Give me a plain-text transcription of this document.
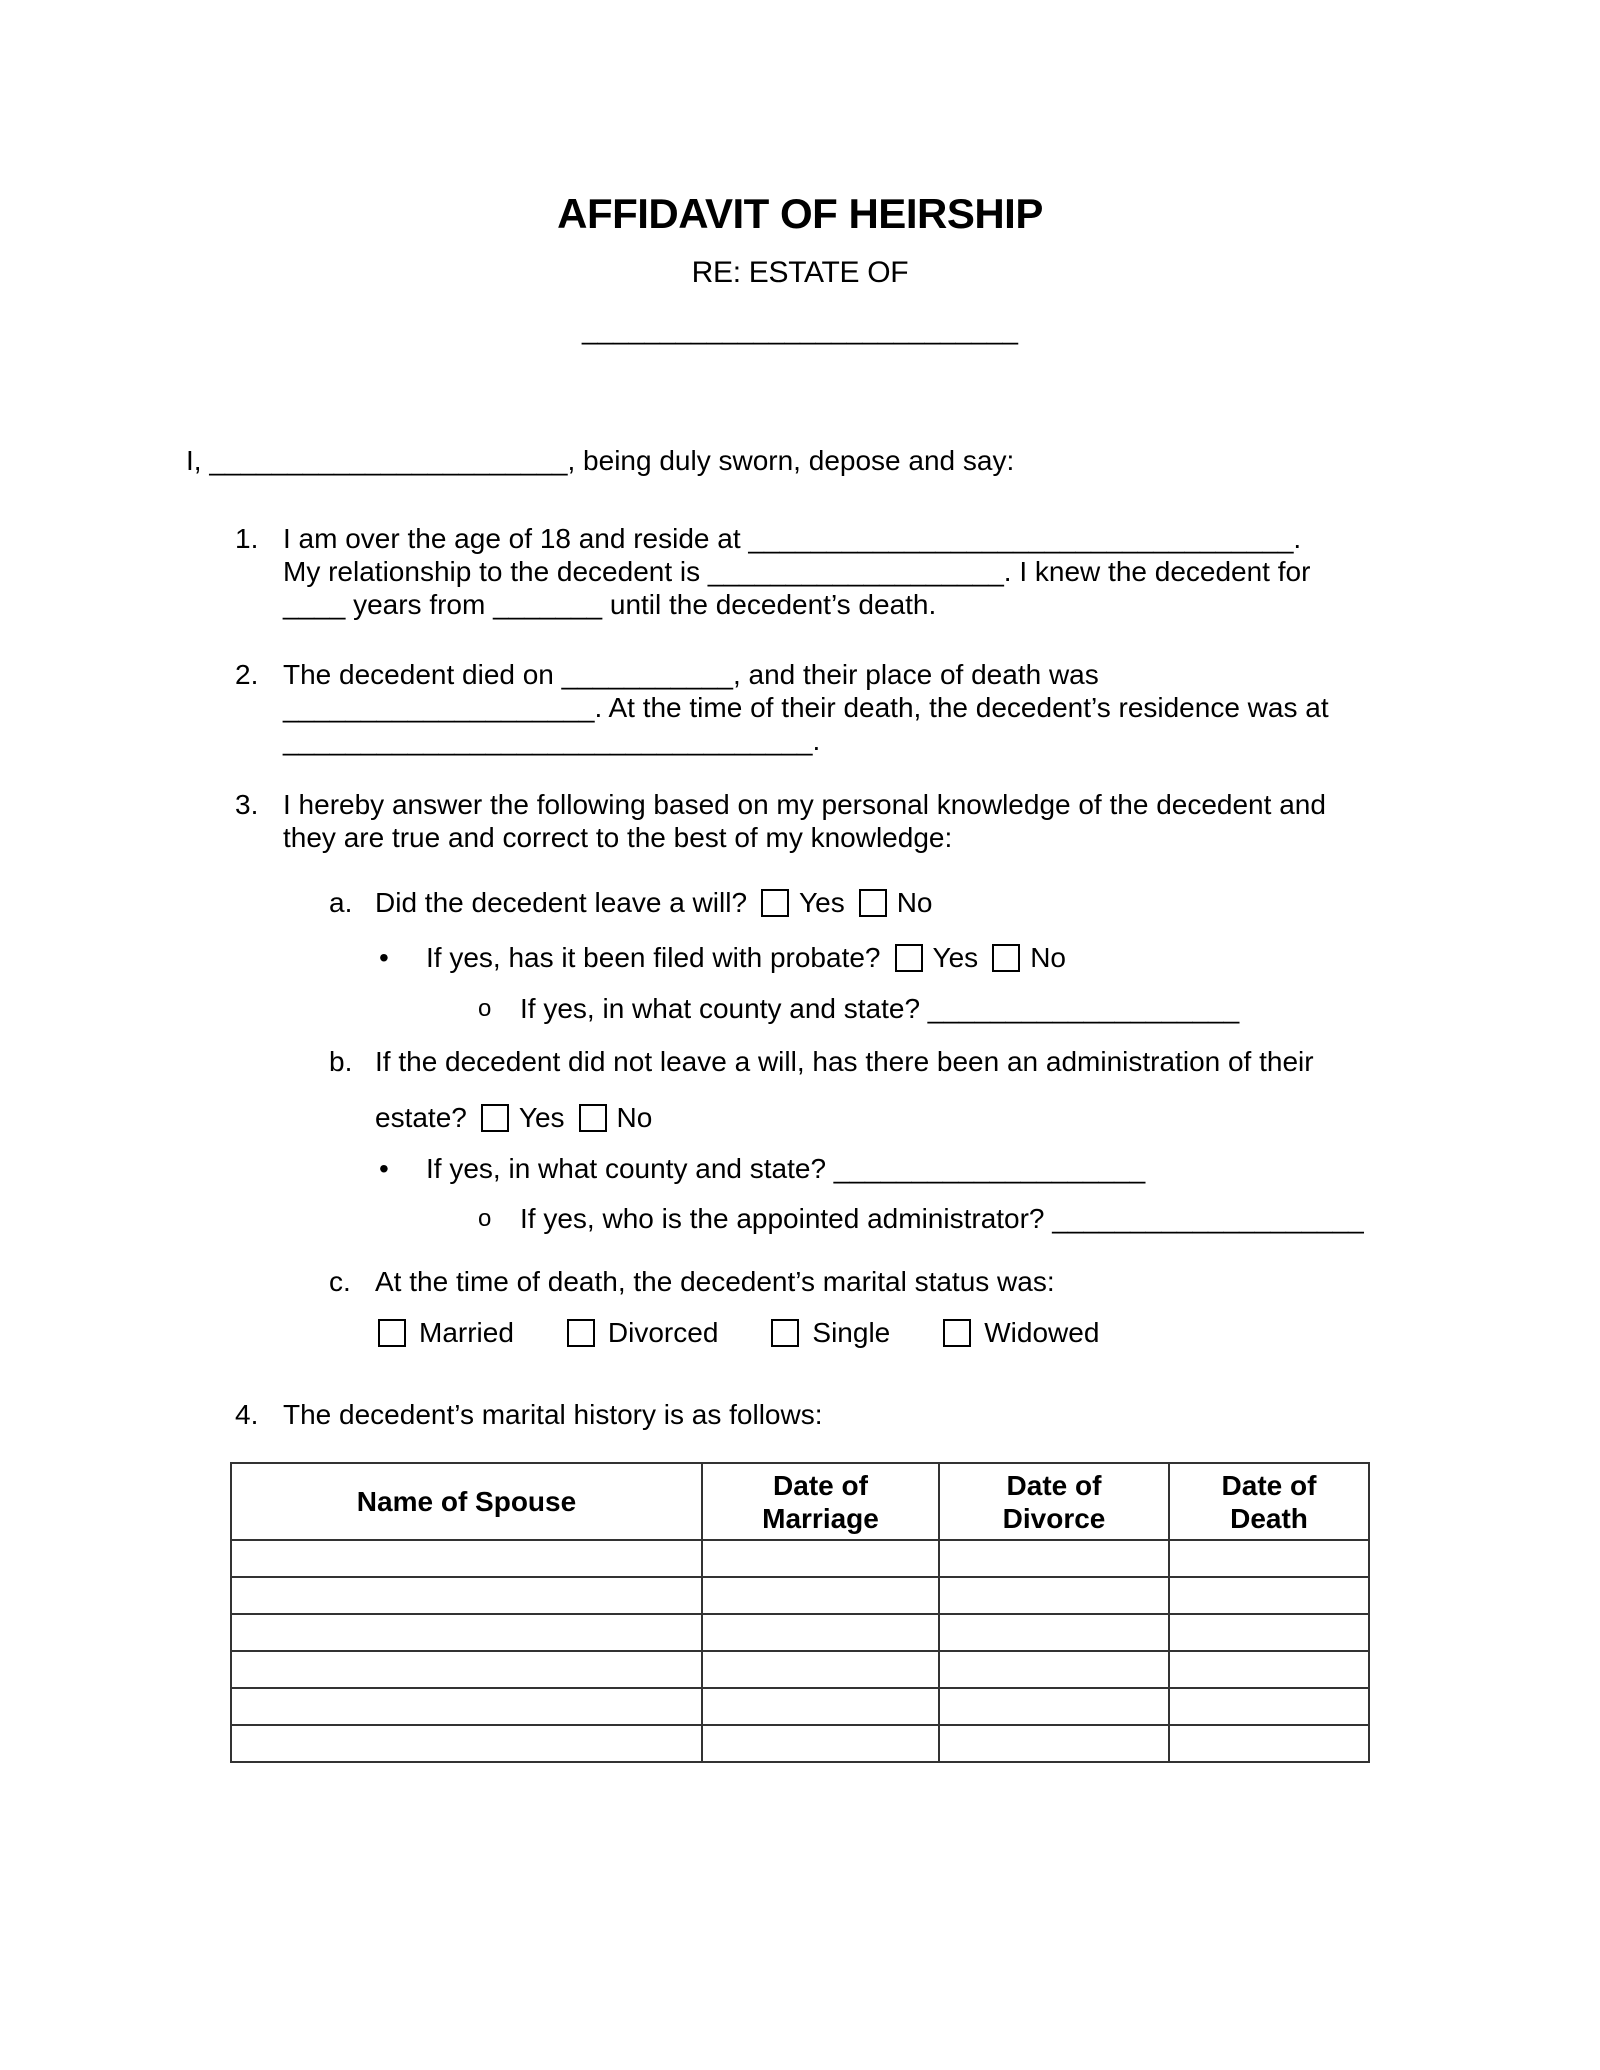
AFFIDAVIT OF HEIRSHIP
RE: ESTATE OF
____________________________
I, _______________________, being duly sworn, depose and say:
1. I am over the age of 18 and reside at ___________________________________.
My relationship to the decedent is ___________________. I knew the decedent for
____ years from _______ until the decedent’s death.
2. The decedent died on ___________, and their place of death was
____________________. At the time of their death, the decedent’s residence was at
__________________________________.
3. I hereby answer the following based on my personal knowledge of the decedent and
they are true and correct to the best of my knowledge:
a. Did the decedent leave a will? Yes No
•	If yes, has it been filed with probate? Yes No
o	If yes, in what county and state? ____________________
b. If the decedent did not leave a will, has there been an administration of their
estate? Yes No
•	If yes, in what county and state? ____________________
o	If yes, who is the appointed administrator? ____________________
c. At the time of death, the decedent’s marital status was:
Married	Divorced	Single	Widowed
4. The decedent’s marital history is as follows:
Name of Spouse	Date of Marriage	Date of Divorce	Date of Death
